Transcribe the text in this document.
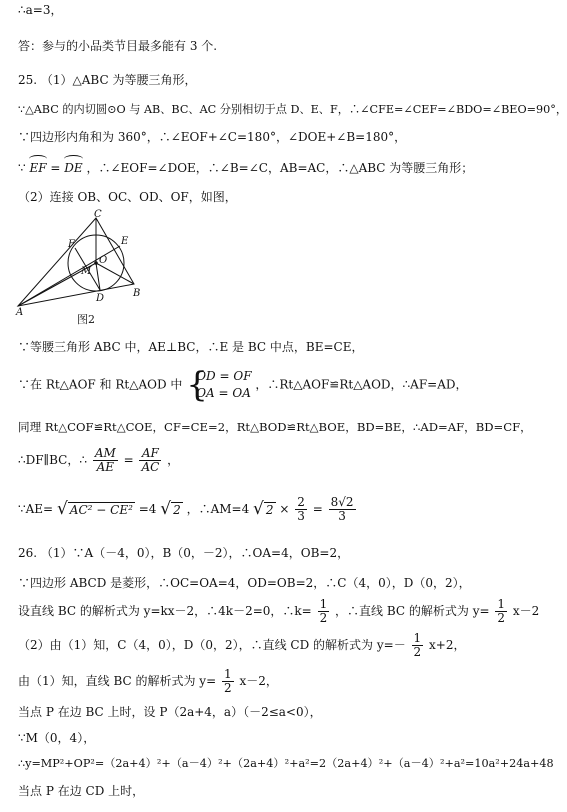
∴a=3，
答：参与的小品类节目最多能有 3 个.
25. （1）△ABC 为等腰三角形，
∵△ABC 的内切圆⊙O 与 AB、BC、AC 分别相切于点 D、E、F，∴∠CFE=∠CEF=∠BDO=∠BEO=90°，
∵四边形内角和为 360°，∴∠EOF+∠C=180°，∠DOE+∠B=180°，
∵ EF = DE ，∴∠EOF=∠DOE，∴∠B=∠C，AB=AC，∴△ABC 为等腰三角形；
（2）连接 OB、OC、OD、OF，如图，
C
F	E
O
M
D	B
A
图2
∵等腰三角形 ABC 中，AE⊥BC，∴E 是 BC 中点，BE=CE，
∵在 Rt△AOF 和 Rt△AOD 中 {
OD = OF
OA = OA
，∴Rt△AOF≌Rt△AOD，∴AF=AD，
同理 Rt△COF≌Rt△COE，CF=CE=2，Rt△BOD≌Rt△BOE，BD=BE，∴AD=AF，BD=CF，
∴DF∥BC，∴ $\frac{AM}{AE} = \frac{AF}{AC}$ ，
∵AE= √ AC² − CE² =4 √ 2 ，∴AM=4 √ $2 \times \frac{2}{3} = \frac{8√2}{3}$
26. （1）∵A（－4，0），B（0，－2），∴OA=4，OB=2，
∵四边形 ABCD 是菱形，∴OC=OA=4，OD=OB=2，∴C（4，0），D（0，2），
设直线 BC 的解析式为 y=kx－2，∴4k－2=0，∴k= $\frac{1}{2}$ ，∴直线 BC 的解析式为 $y= \frac{1}{2} x-2$
（2）由（1）知，C（4，0），D（0，2），∴直线 CD 的解析式为 $y=- \frac{1}{2} x+2$，
由（1）知，直线 BC 的解析式为 $y= \frac{1}{2} x-2$，
当点 P 在边 BC 上时，设 P（2a+4，a）（－2≤a<0），
∵M（0，4），
∴y=MP²+OP²=（2a+4）²+（a－4）²+（2a+4）²+a²=2（2a+4）²+（a－4）²+a²=10a²+24a+48
当点 P 在边 CD 上时，
